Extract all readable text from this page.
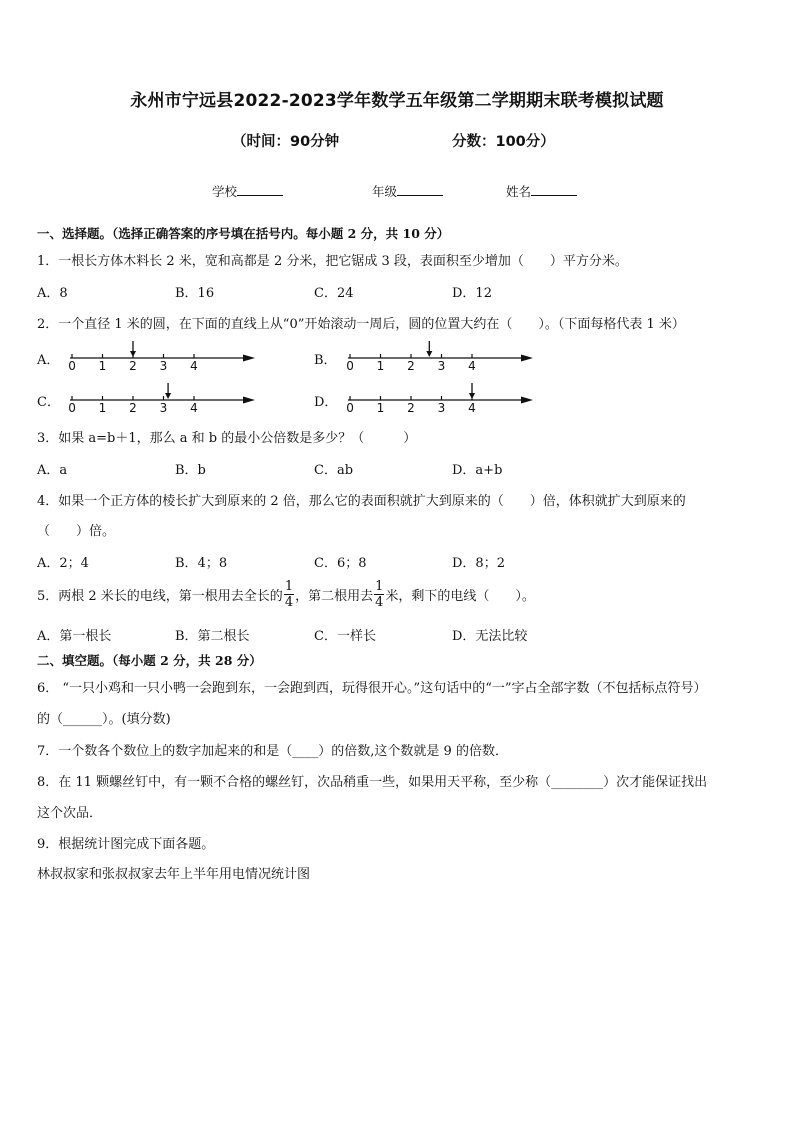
永州市宁远县2022-2023学年数学五年级第二学期期末联考模拟试题
（时间：90分钟	分数：100分）
学校	年级	姓名
一、选择题。（选择正确答案的序号填在括号内。每小题 2 分，共 10 分）
1．一根长方体木料长 2 米，宽和高都是 2 分米，把它锯成 3 段，表面积至少增加（　　）平方分米。
A．8	B．16	C．24	D．12
2．一个直径 1 米的圆，在下面的直线上从“0”开始滚动一周后，圆的位置大约在（　　）。（下面每格代表 1 米）
A． 0 1 2 3 4	B． 0 1 2 3 4
C． 0 1 2 3 4	D． 0 1 2 3 4
3．如果 a=b＋1，那么 a 和 b 的最小公倍数是多少？（　　　）
A．a	B．b	C．ab	D．a+b
4．如果一个正方体的棱长扩大到原来的 2 倍，那么它的表面积就扩大到原来的（　　）倍，体积就扩大到原来的
（　　）倍。
A．2；4	B．4；8	C．6；8	D．8；2
5．两根 2 米长的电线，第一根用去全长的 $\frac{1}{4}$ ，第二根用去 $\frac{1}{4}$ 米，剩下的电线（　　）。
A．第一根长	B．第二根长	C．一样长	D．无法比较
二、填空题。（每小题 2 分，共 28 分）
6． “一只小鸡和一只小鸭一会跑到东，一会跑到西，玩得很开心。”这句话中的“一”字占全部字数（不包括标点符号）
的（______）。(填分数)
7．一个数各个数位上的数字加起来的和是（____）的倍数,这个数就是 9 的倍数．
8．在 11 颗螺丝钉中，有一颗不合格的螺丝钉，次品稍重一些，如果用天平称，至少称（________）次才能保证找出
这个次品．
9．根据统计图完成下面各题。
林叔叔家和张叔叔家去年上半年用电情况统计图
